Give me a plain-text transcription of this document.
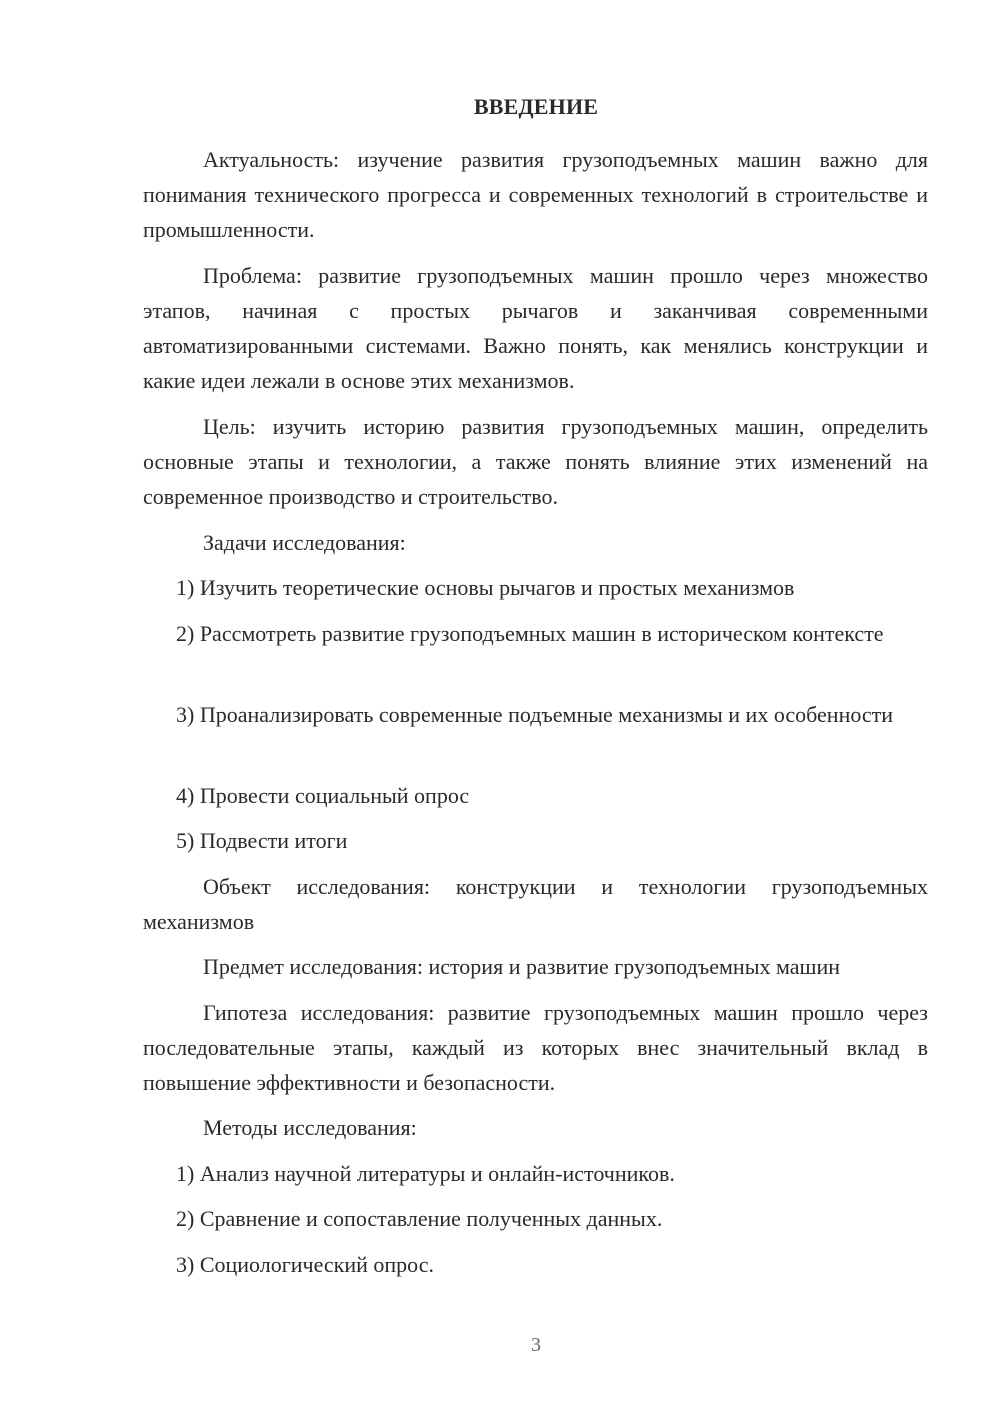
ВВЕДЕНИЕ

Актуальность: изучение развития грузоподъемных машин важно для понимания технического прогресса и современных технологий в строительстве и промышленности.

Проблема: развитие грузоподъемных машин прошло через множество этапов, начиная с простых рычагов и заканчивая современными автоматизированными системами. Важно понять, как менялись конструкции и какие идеи лежали в основе этих механизмов.

Цель: изучить историю развития грузоподъемных машин, определить основные этапы и технологии, а также понять влияние этих изменений на современное производство и строительство.

Задачи исследования:

1) Изучить теоретические основы рычагов и простых механизмов

2) Рассмотреть развитие грузоподъемных машин в историческом контексте

3) Проанализировать современные подъемные механизмы и их особенности

4) Провести социальный опрос

5) Подвести итоги

Объект исследования: конструкции и технологии грузоподъемных механизмов

Предмет исследования: история и развитие грузоподъемных машин

Гипотеза исследования: развитие грузоподъемных машин прошло через последовательные этапы, каждый из которых внес значительный вклад в повышение эффективности и безопасности.

Методы исследования:

1) Анализ научной литературы и онлайн-источников.

2) Сравнение и сопоставление полученных данных.

3) Социологический опрос.

3
